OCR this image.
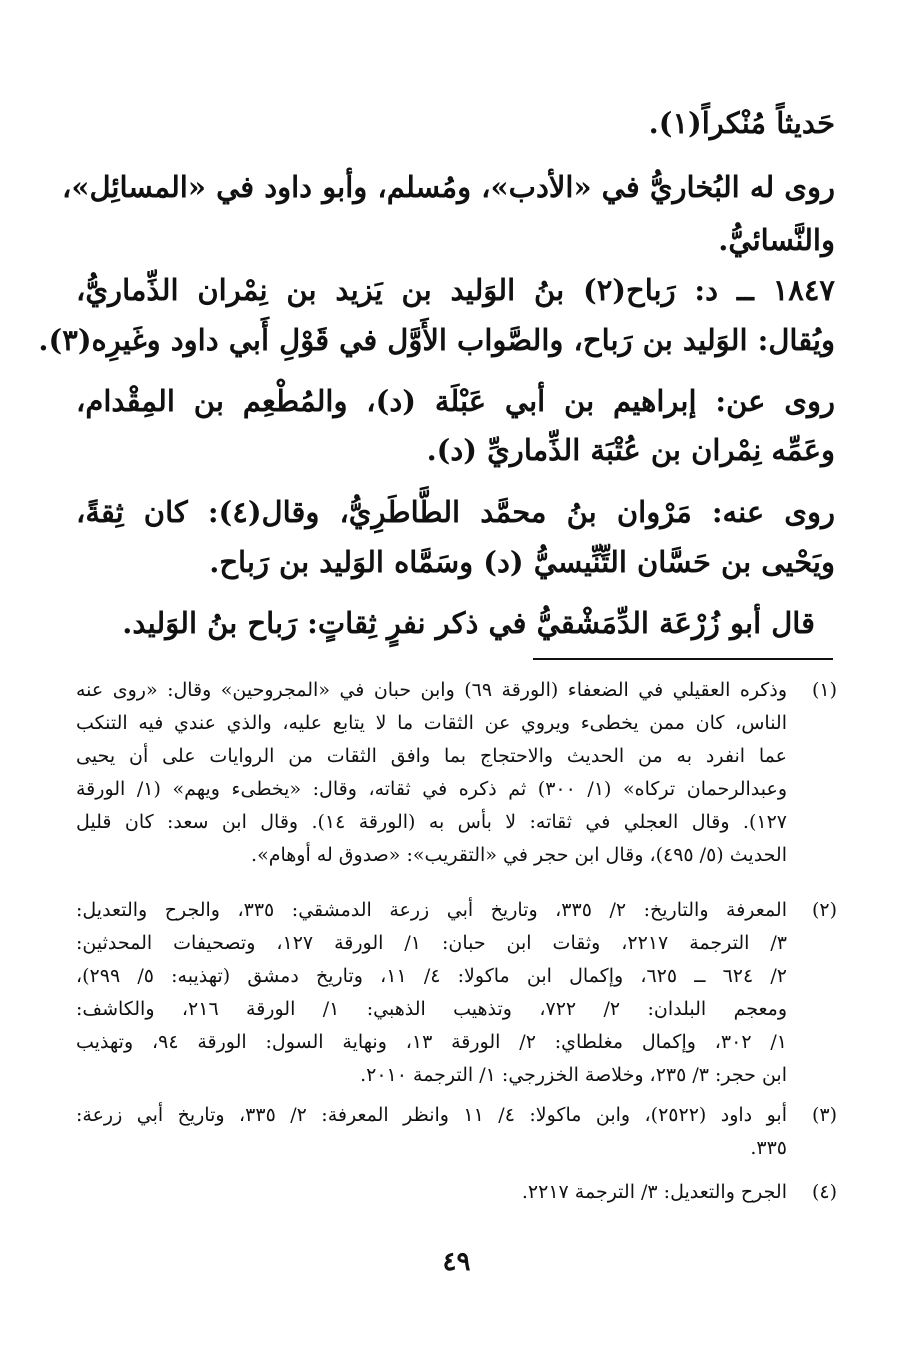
حَديثاً مُنْكراً(١).
روى له البُخاريُّ في «الأدب»، ومُسلم، وأبو داود في «المسائِل»،
والنَّسائيُّ.
١٨٤٧ ــ د: رَباح(٢) بنُ الوَليد بن يَزيد بن نِمْران الذِّماريُّ،
ويُقال: الوَليد بن رَباح، والصَّواب الأَوَّل في قَوْلِ أَبي داود وغَيرِه(٣).
روى عن: إبراهيم بن أبي عَبْلَة (د)، والمُطْعِم بن المِقْدام،
وعَمِّه نِمْران بن عُتْبَة الذِّماريِّ (د).
روى عنه: مَرْوان بنُ محمَّد الطَّاطَرِيُّ، وقال(٤): كان ثِقةً،
ويَحْيى بن حَسَّان التِّنِّيسيُّ (د) وسَمَّاه الوَليد بن رَباح.
قال أبو زُرْعَة الدِّمَشْقيُّ في ذكر نفرٍ ثِقاتٍ: رَباح بنُ الوَليد.
(١)
وذكره العقيلي في الضعفاء (الورقة ٦٩) وابن حبان في «المجروحين» وقال: «روى عنه
الناس، كان ممن يخطىء ويروي عن الثقات ما لا يتابع عليه، والذي عندي فيه التنكب
عما انفرد به من الحديث والاحتجاج بما وافق الثقات من الروايات على أن يحيى
وعبدالرحمان تركاه» (١/ ٣٠٠) ثم ذكره في ثقاته، وقال: «يخطىء ويهم» (١/ الورقة
١٢٧). وقال العجلي في ثقاته: لا بأس به (الورقة ١٤). وقال ابن سعد: كان قليل
الحديث (٥/ ٤٩٥)، وقال ابن حجر في «التقريب»: «صدوق له أوهام».
(٢)
المعرفة والتاريخ: ٢/ ٣٣٥، وتاريخ أبي زرعة الدمشقي: ٣٣٥، والجرح والتعديل:
٣/ الترجمة ٢٢١٧، وثقات ابن حبان: ١/ الورقة ١٢٧، وتصحيفات المحدثين:
٢/ ٦٢٤ ــ ٦٢٥، وإكمال ابن ماكولا: ٤/ ١١، وتاريخ دمشق (تهذيبه: ٥/ ٢٩٩)،
ومعجم البلدان: ٢/ ٧٢٢، وتذهيب الذهبي: ١/ الورقة ٢١٦، والكاشف:
١/ ٣٠٢، وإكمال مغلطاي: ٢/ الورقة ١٣، ونهاية السول: الورقة ٩٤، وتهذيب
ابن حجر: ٣/ ٢٣٥، وخلاصة الخزرجي: ١/ الترجمة ٢٠١٠.
(٣)
أبو داود (٢٥٢٢)، وابن ماكولا: ٤/ ١١ وانظر المعرفة: ٢/ ٣٣٥، وتاريخ أبي زرعة:
٣٣٥.
(٤)
الجرح والتعديل: ٣/ الترجمة ٢٢١٧.
٤٩
